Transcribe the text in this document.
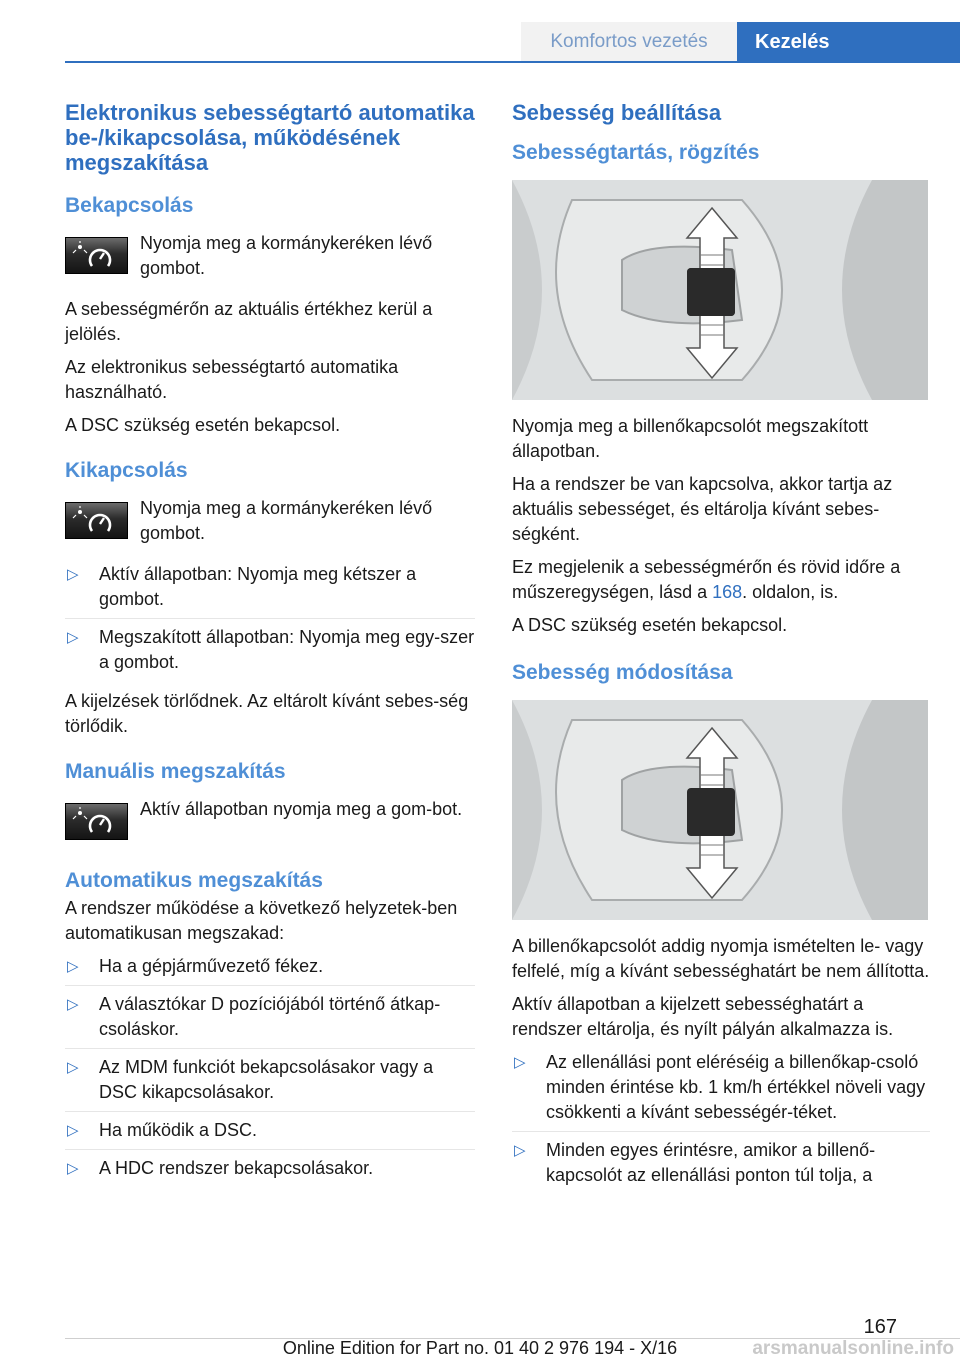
Komfortos vezetés	Kezelés
Elektronikus sebességtartó automatika be-/kikapcsolása, működésének megszakítása
Bekapcsolás
Nyomja meg a kormánykeréken lévő gombot.

A sebességmérőn az aktuális értékhez kerül a jelölés.

Az elektronikus sebességtartó automatika használható.

A DSC szükség esetén bekapcsol.

Kikapcsolás
Nyomja meg a kormánykeréken lévő gombot.
▷ Aktív állapotban: Nyomja meg kétszer a gombot.
▷ Megszakított állapotban: Nyomja meg egy-szer a gombot.

A kijelzések törlődnek. Az eltárolt kívánt sebes-ség törlődik.

Manuális megszakítás
Aktív állapotban nyomja meg a gom-bot.
Automatikus megszakítás

A rendszer működése a következő helyzetek-ben automatikusan megszakad:

▷ Ha a gépjárművezető fékez.
▷ A választókar D pozíciójából történő átkap-csoláskor.
▷ Az MDM funkciót bekapcsolásakor vagy a DSC kikapcsolásakor.
▷ Ha működik a DSC.
▷ A HDC rendszer bekapcsolásakor.
Sebesség beállítása
Sebességtartás, rögzítés

Nyomja meg a billenőkapcsolót megszakított állapotban.

Ha a rendszer be van kapcsolva, akkor tartja az aktuális sebességet, és eltárolja kívánt sebes-ségként.

Ez megjelenik a sebességmérőn és rövid időre a műszeregységen, lásd a 168. oldalon, is.

A DSC szükség esetén bekapcsol.

Sebesség módosítása

A billenőkapcsolót addig nyomja ismételten le- vagy felfelé, míg a kívánt sebességhatárt be nem állította.

Aktív állapotban a kijelzett sebességhatárt a rendszer eltárolja, és nyílt pályán alkalmazza is.

▷ Az ellenállási pont eléréséig a billenőkap-csoló minden érintése kb. 1 km/h értékkel növeli vagy csökkenti a kívánt sebességér-téket.
▷ Minden egyes érintésre, amikor a billenő-kapcsolót az ellenállási ponton túl tolja, a
167
Online Edition for Part no. 01 40 2 976 194 - X/16	arsmanualsonline.info
